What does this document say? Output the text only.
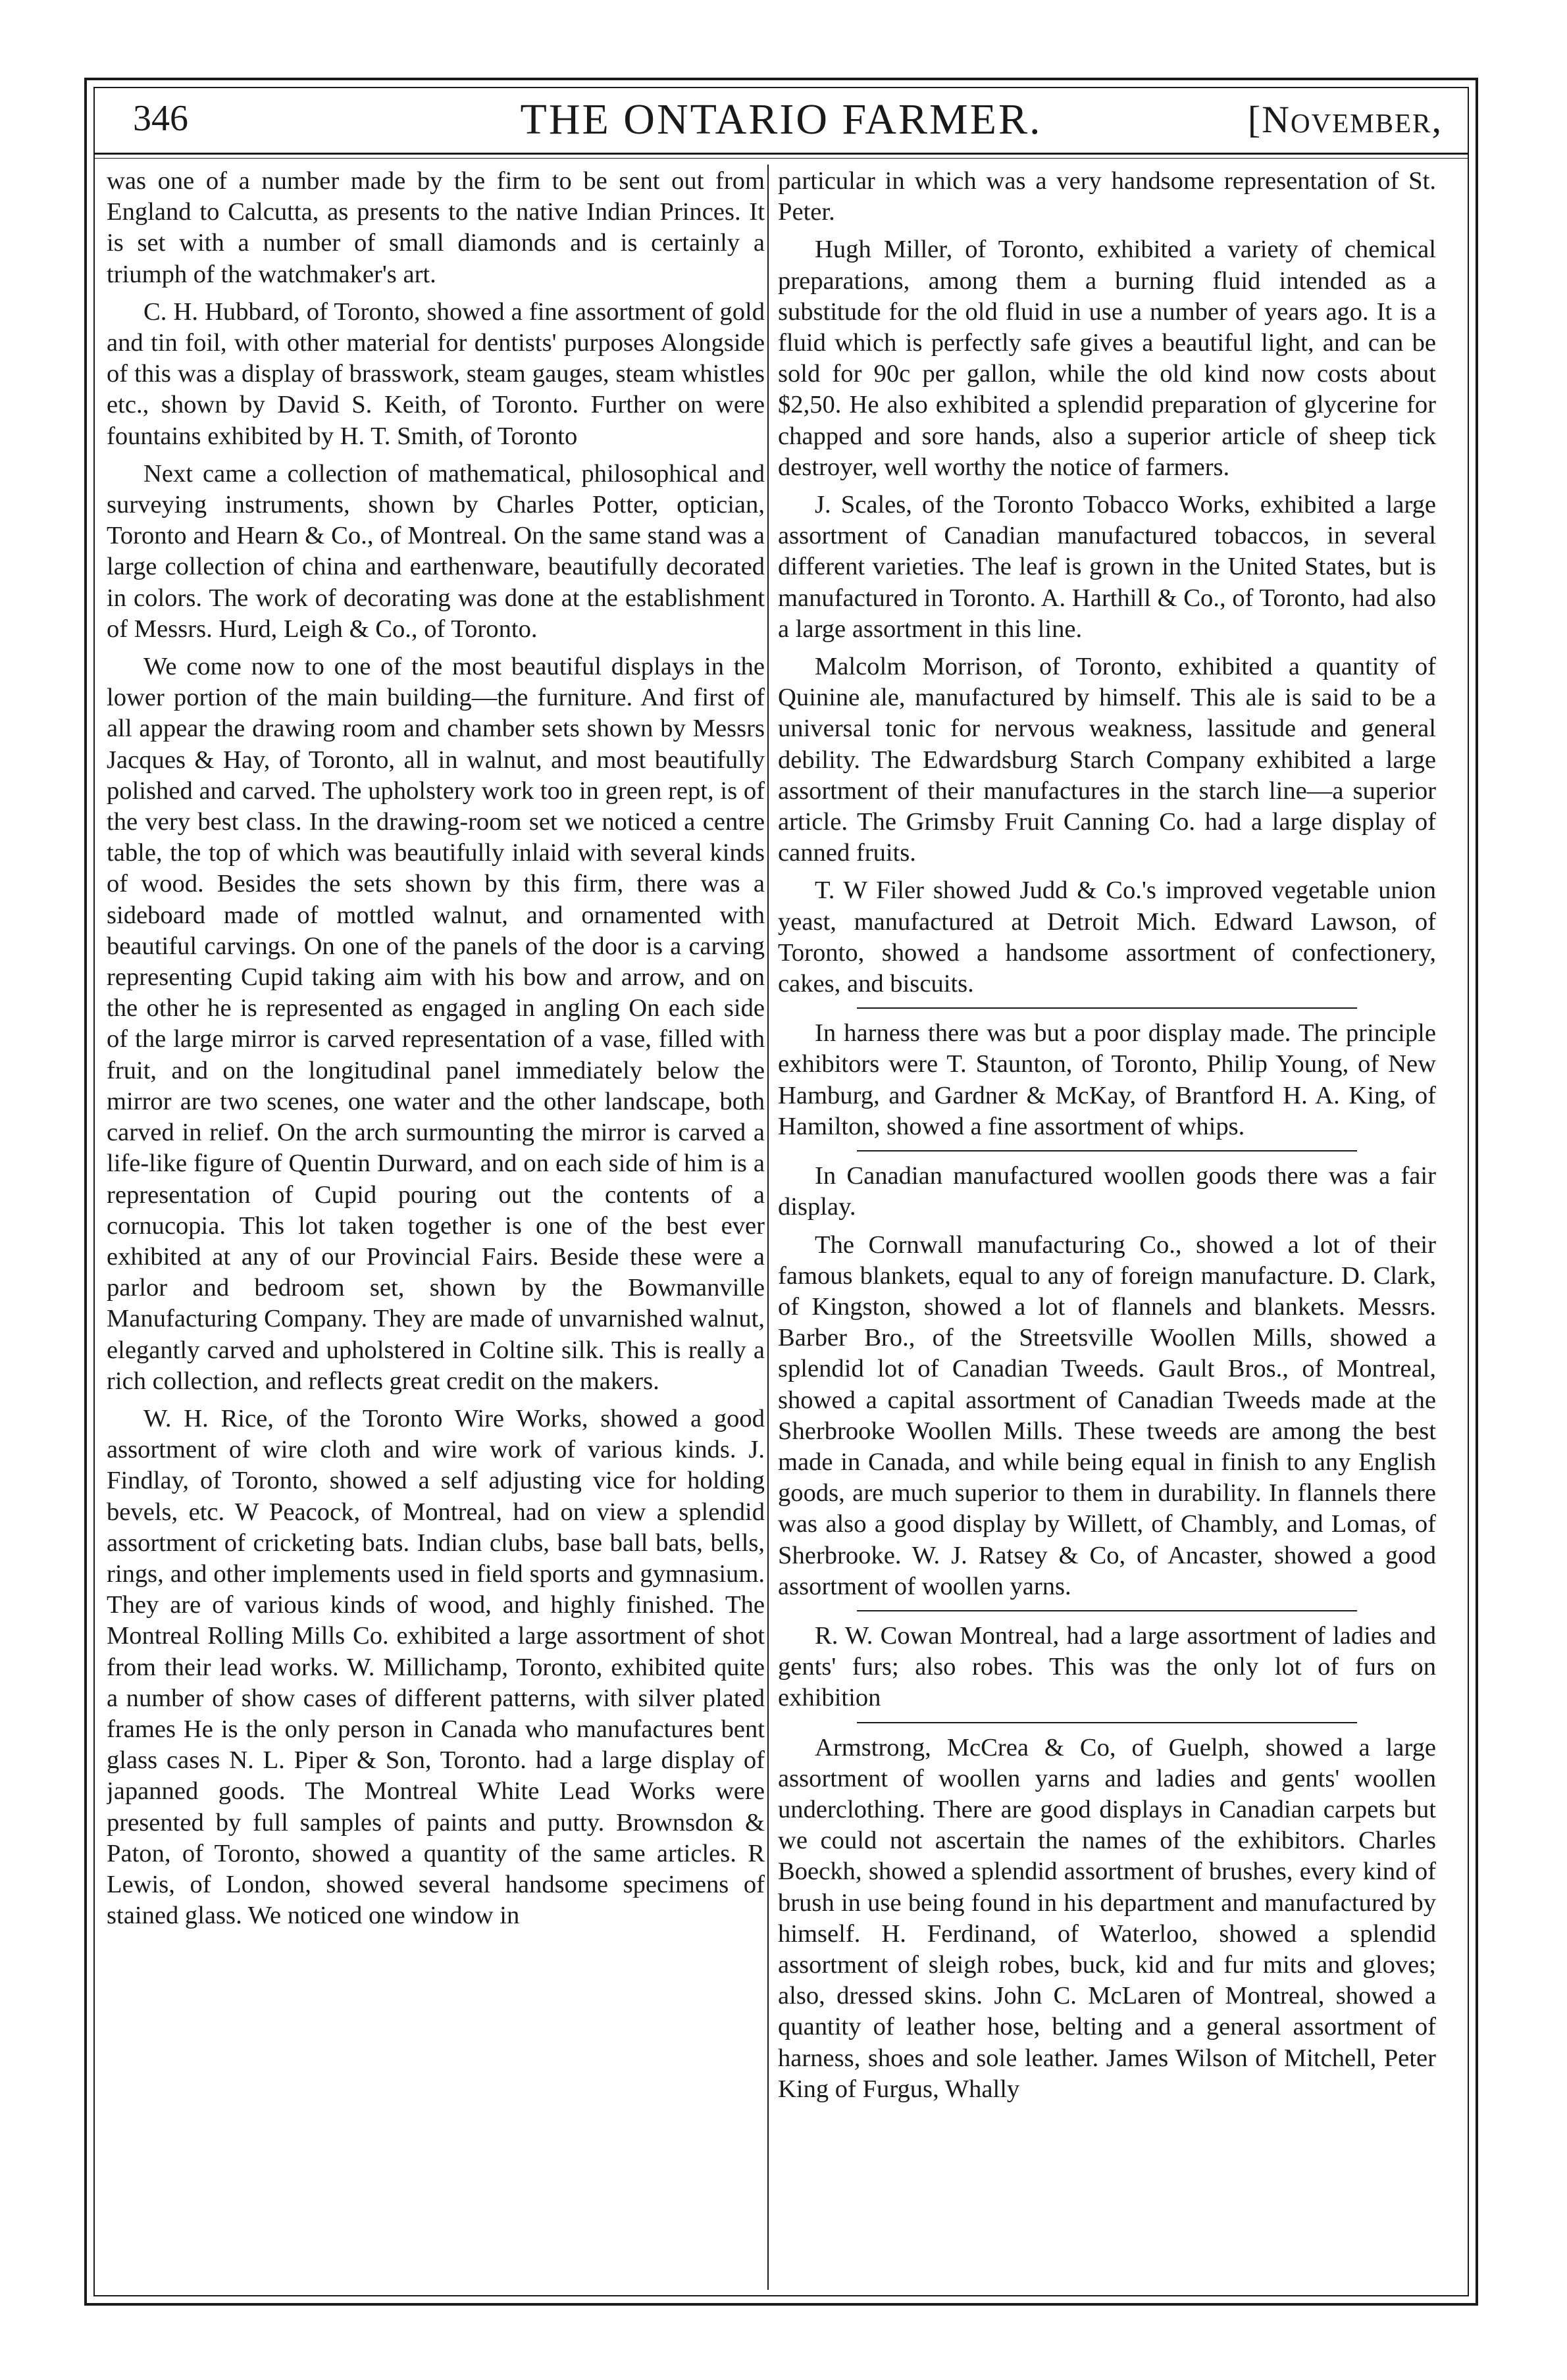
346	THE ONTARIO FARMER.	[November,

was one of a number made by the firm to be sent out from England to Calcutta, as presents to the native Indian Princes. It is set with a number of small diamonds and is certainly a triumph of the watchmaker's art.

C. H. Hubbard, of Toronto, showed a fine assortment of gold and tin foil, with other material for dentists' purposes Alongside of this was a display of brasswork, steam gauges, steam whistles etc., shown by David S. Keith, of Toronto. Further on were fountains exhibited by H. T. Smith, of Toronto

Next came a collection of mathematical, philosophical and surveying instruments, shown by Charles Potter, optician, Toronto and Hearn & Co., of Montreal. On the same stand was a large collection of china and earthenware, beautifully decorated in colors. The work of decorating was done at the establishment of Messrs. Hurd, Leigh & Co., of Toronto.

We come now to one of the most beautiful displays in the lower portion of the main building—the furniture. And first of all appear the drawing room and chamber sets shown by Messrs Jacques & Hay, of Toronto, all in walnut, and most beautifully polished and carved. The upholstery work too in green rept, is of the very best class. In the drawing-room set we noticed a centre table, the top of which was beautifully inlaid with several kinds of wood. Besides the sets shown by this firm, there was a sideboard made of mottled walnut, and ornamented with beautiful carvings. On one of the panels of the door is a carving representing Cupid taking aim with his bow and arrow, and on the other he is represented as engaged in angling On each side of the large mirror is carved representation of a vase, filled with fruit, and on the longitudinal panel immediately below the mirror are two scenes, one water and the other landscape, both carved in relief. On the arch surmounting the mirror is carved a life-like figure of Quentin Durward, and on each side of him is a representation of Cupid pouring out the contents of a cornucopia. This lot taken together is one of the best ever exhibited at any of our Provincial Fairs. Beside these were a parlor and bedroom set, shown by the Bowmanville Manufacturing Company. They are made of unvarnished walnut, elegantly carved and upholstered in Coltine silk. This is really a rich collection, and reflects great credit on the makers.

W. H. Rice, of the Toronto Wire Works, showed a good assortment of wire cloth and wire work of various kinds. J. Findlay, of Toronto, showed a self adjusting vice for holding bevels, etc. W Peacock, of Montreal, had on view a splendid assortment of cricketing bats. Indian clubs, base ball bats, bells, rings, and other implements used in field sports and gymnasium. They are of various kinds of wood, and highly finished. The Montreal Rolling Mills Co. exhibited a large assortment of shot from their lead works. W. Millichamp, Toronto, exhibited quite a number of show cases of different patterns, with silver plated frames He is the only person in Canada who manufactures bent glass cases N. L. Piper & Son, Toronto. had a large display of japanned goods. The Montreal White Lead Works were presented by full samples of paints and putty. Brownsdon & Paton, of Toronto, showed a quantity of the same articles. R Lewis, of London, showed several handsome specimens of stained glass. We noticed one window in

particular in which was a very handsome representation of St. Peter.

Hugh Miller, of Toronto, exhibited a variety of chemical preparations, among them a burning fluid intended as a substitude for the old fluid in use a number of years ago. It is a fluid which is perfectly safe gives a beautiful light, and can be sold for 90c per gallon, while the old kind now costs about $2,50. He also exhibited a splendid preparation of glycerine for chapped and sore hands, also a superior article of sheep tick destroyer, well worthy the notice of farmers.

J. Scales, of the Toronto Tobacco Works, exhibited a large assortment of Canadian manufactured tobaccos, in several different varieties. The leaf is grown in the United States, but is manufactured in Toronto. A. Harthill & Co., of Toronto, had also a large assortment in this line.

Malcolm Morrison, of Toronto, exhibited a quantity of Quinine ale, manufactured by himself. This ale is said to be a universal tonic for nervous weakness, lassitude and general debility. The Edwardsburg Starch Company exhibited a large assortment of their manufactures in the starch line—a superior article. The Grimsby Fruit Canning Co. had a large display of canned fruits.

T. W Filer showed Judd & Co.'s improved vegetable union yeast, manufactured at Detroit Mich. Edward Lawson, of Toronto, showed a handsome assortment of confectionery, cakes, and biscuits.

In harness there was but a poor display made. The principle exhibitors were T. Staunton, of Toronto, Philip Young, of New Hamburg, and Gardner & McKay, of Brantford H. A. King, of Hamilton, showed a fine assortment of whips.

In Canadian manufactured woollen goods there was a fair display.

The Cornwall manufacturing Co., showed a lot of their famous blankets, equal to any of foreign manufacture. D. Clark, of Kingston, showed a lot of flannels and blankets. Messrs. Barber Bro., of the Streetsville Woollen Mills, showed a splendid lot of Canadian Tweeds. Gault Bros., of Montreal, showed a capital assortment of Canadian Tweeds made at the Sherbrooke Woollen Mills. These tweeds are among the best made in Canada, and while being equal in finish to any English goods, are much superior to them in durability. In flannels there was also a good display by Willett, of Chambly, and Lomas, of Sherbrooke. W. J. Ratsey & Co, of Ancaster, showed a good assortment of woollen yarns.

R. W. Cowan Montreal, had a large assortment of ladies and gents' furs; also robes. This was the only lot of furs on exhibition

Armstrong, McCrea & Co, of Guelph, showed a large assortment of woollen yarns and ladies and gents' woollen underclothing. There are good displays in Canadian carpets but we could not ascertain the names of the exhibitors. Charles Boeckh, showed a splendid assortment of brushes, every kind of brush in use being found in his department and manufactured by himself. H. Ferdinand, of Waterloo, showed a splendid assortment of sleigh robes, buck, kid and fur mits and gloves; also, dressed skins. John C. McLaren of Montreal, showed a quantity of leather hose, belting and a general assortment of harness, shoes and sole leather. James Wilson of Mitchell, Peter King of Furgus, Whally
